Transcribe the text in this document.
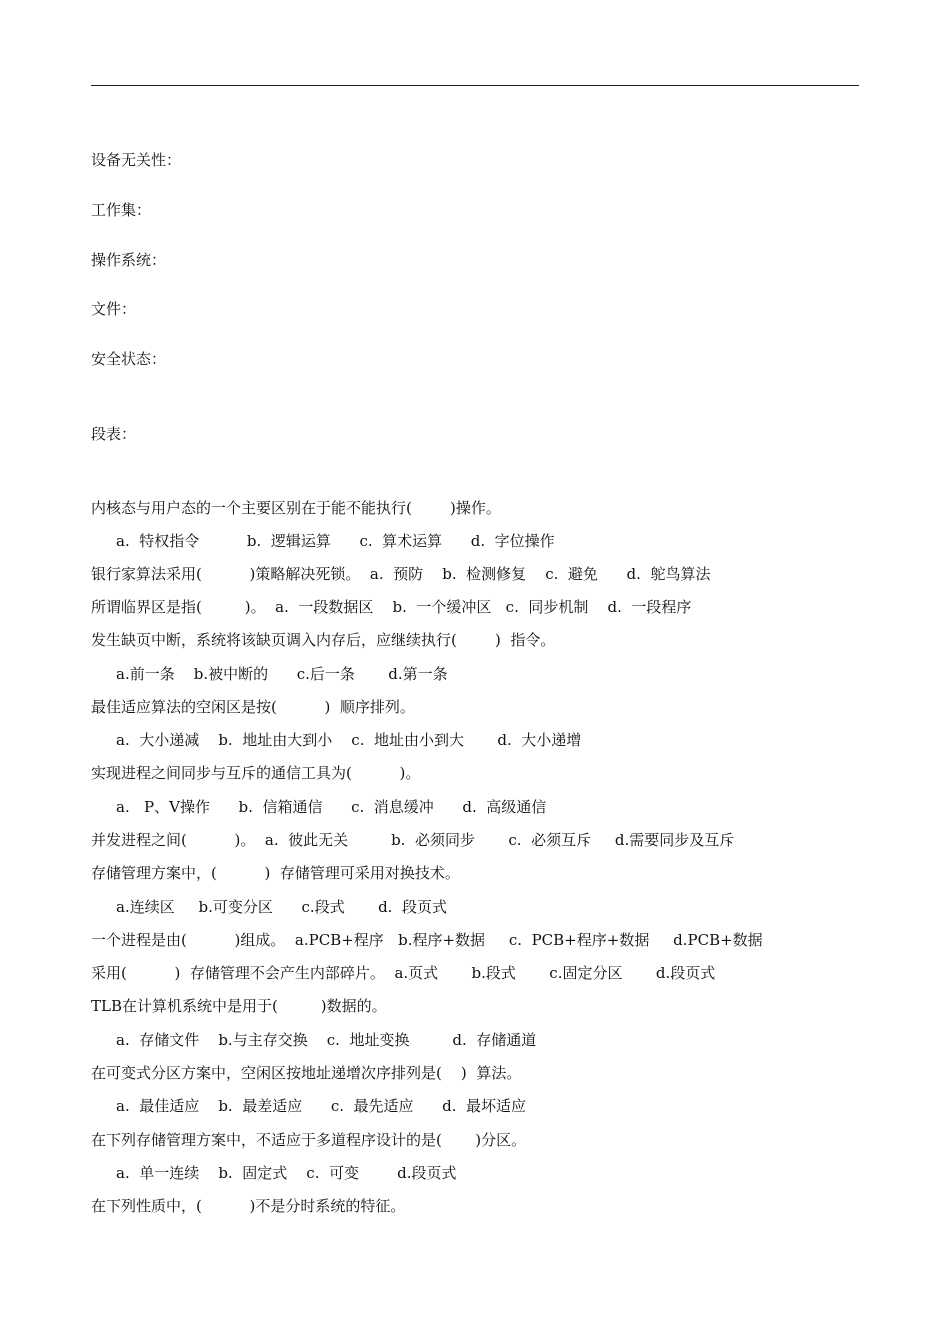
设备无关性：
工作集：
操作系统：
文件：
安全状态：
段表：
内核态与用户态的一个主要区别在于能不能执行(        )操作。
a.  特权指令          b.  逻辑运算      c.  算术运算      d.  字位操作
银行家算法采用(          )策略解决死锁。  a.  预防    b.  检测修复    c.  避免      d.  鸵鸟算法
所谓临界区是指(         )。  a.  一段数据区    b.  一个缓冲区   c.  同步机制    d.  一段程序
发生缺页中断，系统将该缺页调入内存后，应继续执行(        )  指令。
a.前一条    b.被中断的      c.后一条       d.第一条
最佳适应算法的空闲区是按(          )  顺序排列。
a.  大小递减    b.  地址由大到小    c.  地址由小到大       d.  大小递增
实现进程之间同步与互斥的通信工具为(          )。
a.   P、V操作      b.  信箱通信      c.  消息缓冲      d.  高级通信
并发进程之间(          )。  a.  彼此无关         b.  必须同步       c.  必须互斥     d.需要同步及互斥
存储管理方案中，(          )  存储管理可采用对换技术。
a.连续区     b.可变分区      c.段式       d.  段页式
一个进程是由(          )组成。  a.PCB+程序   b.程序+数据     c.  PCB+程序+数据     d.PCB+数据
采用(          )  存储管理不会产生内部碎片。  a.页式       b.段式       c.固定分区       d.段页式
TLB在计算机系统中是用于(         )数据的。
a.  存储文件    b.与主存交换    c.  地址变换         d.  存储通道
在可变式分区方案中，空闲区按地址递增次序排列是(    )  算法。
a.  最佳适应    b.  最差适应      c.  最先适应      d.  最坏适应
在下列存储管理方案中，不适应于多道程序设计的是(       )分区。
a.  单一连续    b.  固定式    c.  可变        d.段页式
在下列性质中，(          )不是分时系统的特征。
